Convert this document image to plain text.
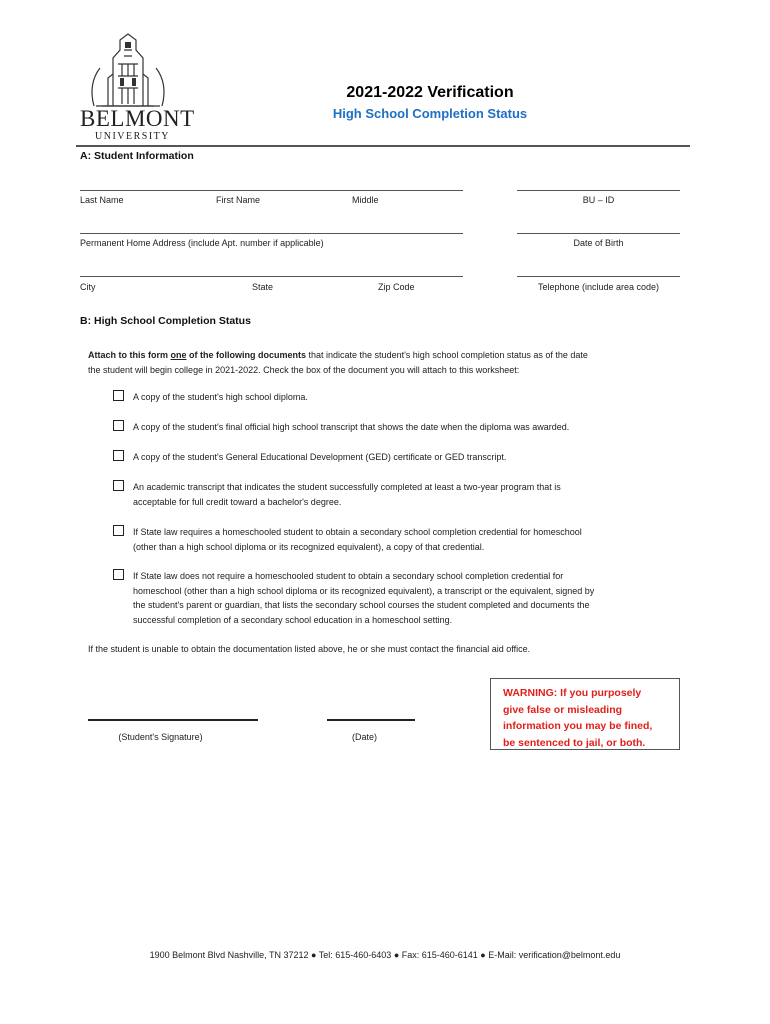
BELMONT
UNIVERSITY
2021-2022 Verification
High School Completion Status
A: Student Information
Last Name	First Name	Middle	BU – ID
Permanent Home Address (include Apt. number if applicable)	Date of Birth
City	State	Zip Code	Telephone (include area code)
B: High School Completion Status
Attach to this form one of the following documents that indicate the student's high school completion status as of the date
the student will begin college in 2021-2022. Check the box of the document you will attach to this worksheet:
A copy of the student's high school diploma.
A copy of the student's final official high school transcript that shows the date when the diploma was awarded.
A copy of the student's General Educational Development (GED) certificate or GED transcript.
An academic transcript that indicates the student successfully completed at least a two-year program that is
acceptable for full credit toward a bachelor's degree.
If State law requires a homeschooled student to obtain a secondary school completion credential for homeschool
(other than a high school diploma or its recognized equivalent), a copy of that credential.
If State law does not require a homeschooled student to obtain a secondary school completion credential for
homeschool (other than a high school diploma or its recognized equivalent), a transcript or the equivalent, signed by
the student's parent or guardian, that lists the secondary school courses the student completed and documents the
successful completion of a secondary school education in a homeschool setting.
If the student is unable to obtain the documentation listed above, he or she must contact the financial aid office.
(Student's Signature)	(Date)
WARNING: If you purposely
give false or misleading
information you may be fined,
be sentenced to jail, or both.
1900 Belmont Blvd Nashville, TN 37212 ● Tel: 615-460-6403 ● Fax: 615-460-6141 ● E-Mail: verification@belmont.edu
